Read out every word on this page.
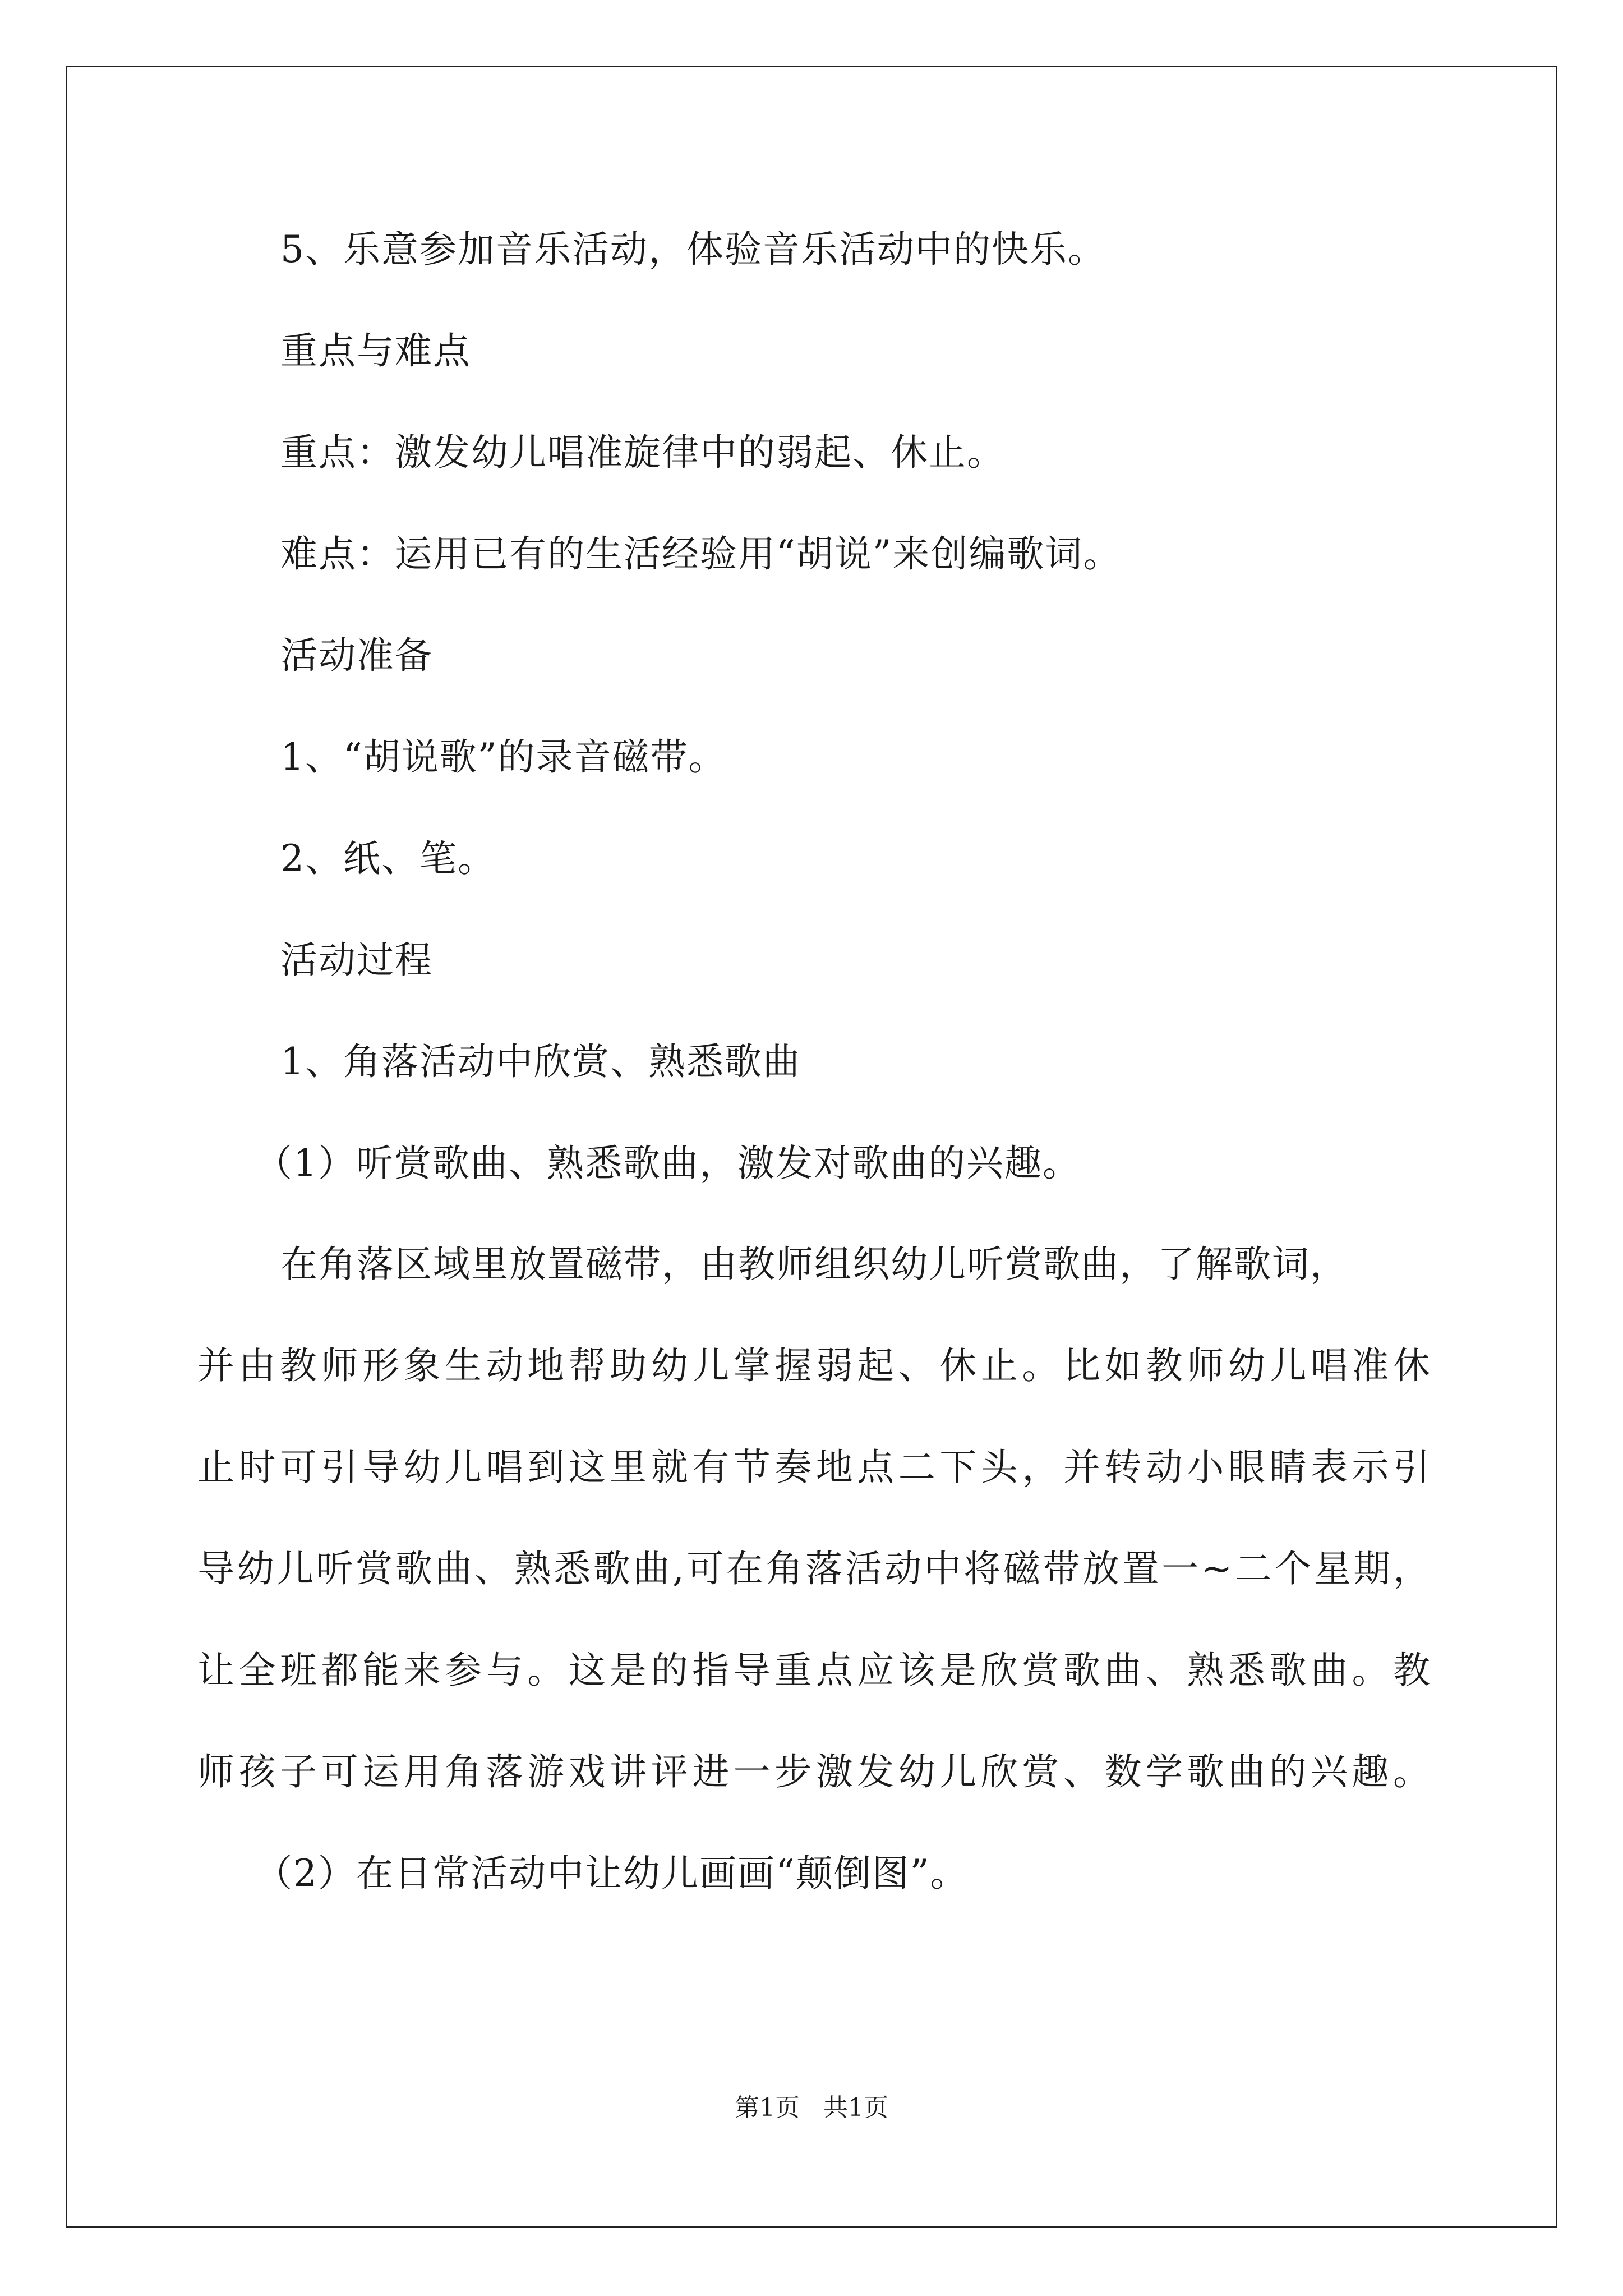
5、乐意参加音乐活动，体验音乐活动中的快乐。
重点与难点
重点：激发幼儿唱准旋律中的弱起、休止。
难点：运用已有的生活经验用“胡说”来创编歌词。
活动准备
1、“胡说歌”的录音磁带。
2、纸、笔。
活动过程
1、角落活动中欣赏、熟悉歌曲
（1）听赏歌曲、熟悉歌曲，激发对歌曲的兴趣。
在角落区域里放置磁带，由教师组织幼儿听赏歌曲，了解歌词，
并由教师形象生动地帮助幼儿掌握弱起、休止。比如教师幼儿唱准休
止时可引导幼儿唱到这里就有节奏地点二下头，并转动小眼睛表示引
导幼儿听赏歌曲、熟悉歌曲,可在角落活动中将磁带放置一~二个星期，
让全班都能来参与。这是的指导重点应该是欣赏歌曲、熟悉歌曲。教
师孩子可运用角落游戏讲评进一步激发幼儿欣赏、数学歌曲的兴趣。
（2）在日常活动中让幼儿画画“颠倒图”。
第1页   共1页
